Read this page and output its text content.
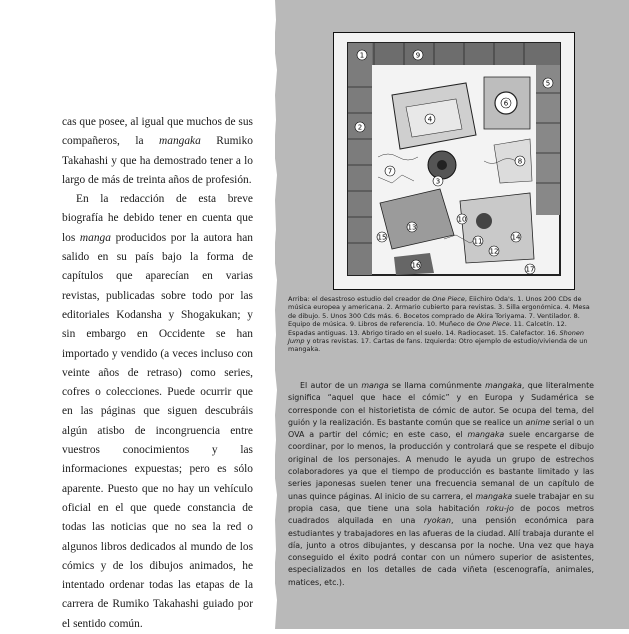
cas que posee, al igual que muchos de sus compañeros, la mangaka Rumiko Takahashi y que ha demostrado tener a lo largo de más de treinta años de profesión.

En la redacción de esta breve biografía he debido tener en cuenta que los manga producidos por la autora han salido en su país bajo la forma de capítulos que aparecían en varias revistas, publicadas sobre todo por las editoriales Kodansha y Shogakukan; y sin embargo en Occidente se han importado y vendido (a veces incluso con veinte años de retraso) como series, cofres o colecciones. Puede ocurrir que en las páginas que siguen descubráis algún atisbo de incongruencia entre vuestros conocimientos y las informaciones expuestas; pero es sólo aparente. Puesto que no hay un vehículo oficial en el que quede constancia de todas las noticias que no sea la red o algunos libros dedicados al mundo de los cómics y de los dibujos animados, he intentado ordenar todas las etapas de la carrera de Rumiko Takahashi guiado por el sentido común.

1
2
3
4
5
6
7
8
9
10
11
12
13
14
15
16	17

Arriba: el desastroso estudio del creador de One Piece, Eiichiro Oda's. 1. Unos 200 CDs de música europea y americana. 2. Armario cubierto para revistas. 3. Silla ergonómica. 4. Mesa de dibujo. 5. Unos 300 Cds más. 6. Bocetos comprado de Akira Toriyama. 7. Ventilador. 8. Equipo de música. 9. Libros de referencia. 10. Muñeco de One Piece. 11. Calcetín. 12. Espadas antiguas. 13. Abrigo tirado en el suelo. 14. Radiocaset. 15. Calefactor. 16. Shonen Jump y otras revistas. 17. Cartas de fans. Izquierda: Otro ejemplo de estudio/vivienda de un mangaka.

El autor de un manga se llama comúnmente mangaka, que literalmente significa “aquel que hace el cómic” y en Europa y Sudamérica se corresponde con el historietista de cómic de autor. Se ocupa del tema, del guión y la realización. Es bastante común que se realice un anime serial o un OVA a partir del cómic; en este caso, el mangaka suele encargarse de coordinar, por lo menos, la producción y controlará que se respete el dibujo original de los personajes. A menudo le ayuda un grupo de estrechos colaboradores ya que el tiempo de producción es bastante limitado y las series japonesas suelen tener una frecuencia semanal de un capítulo de unas quince páginas. Al inicio de su carrera, el mangaka suele trabajar en su propia casa, que tiene una sola habitación roku-jo de pocos metros cuadrados alquilada en una ryokan, una pensión económica para estudiantes y trabajadores en las afueras de la ciudad. Allí trabaja durante el día, junto a otros dibujantes, y descansa por la noche. Una vez que haya conseguido el éxito podrá contar con un número superior de asistentes, especializados en los detalles de cada viñeta (escenografía, animales, matices, etc.).
